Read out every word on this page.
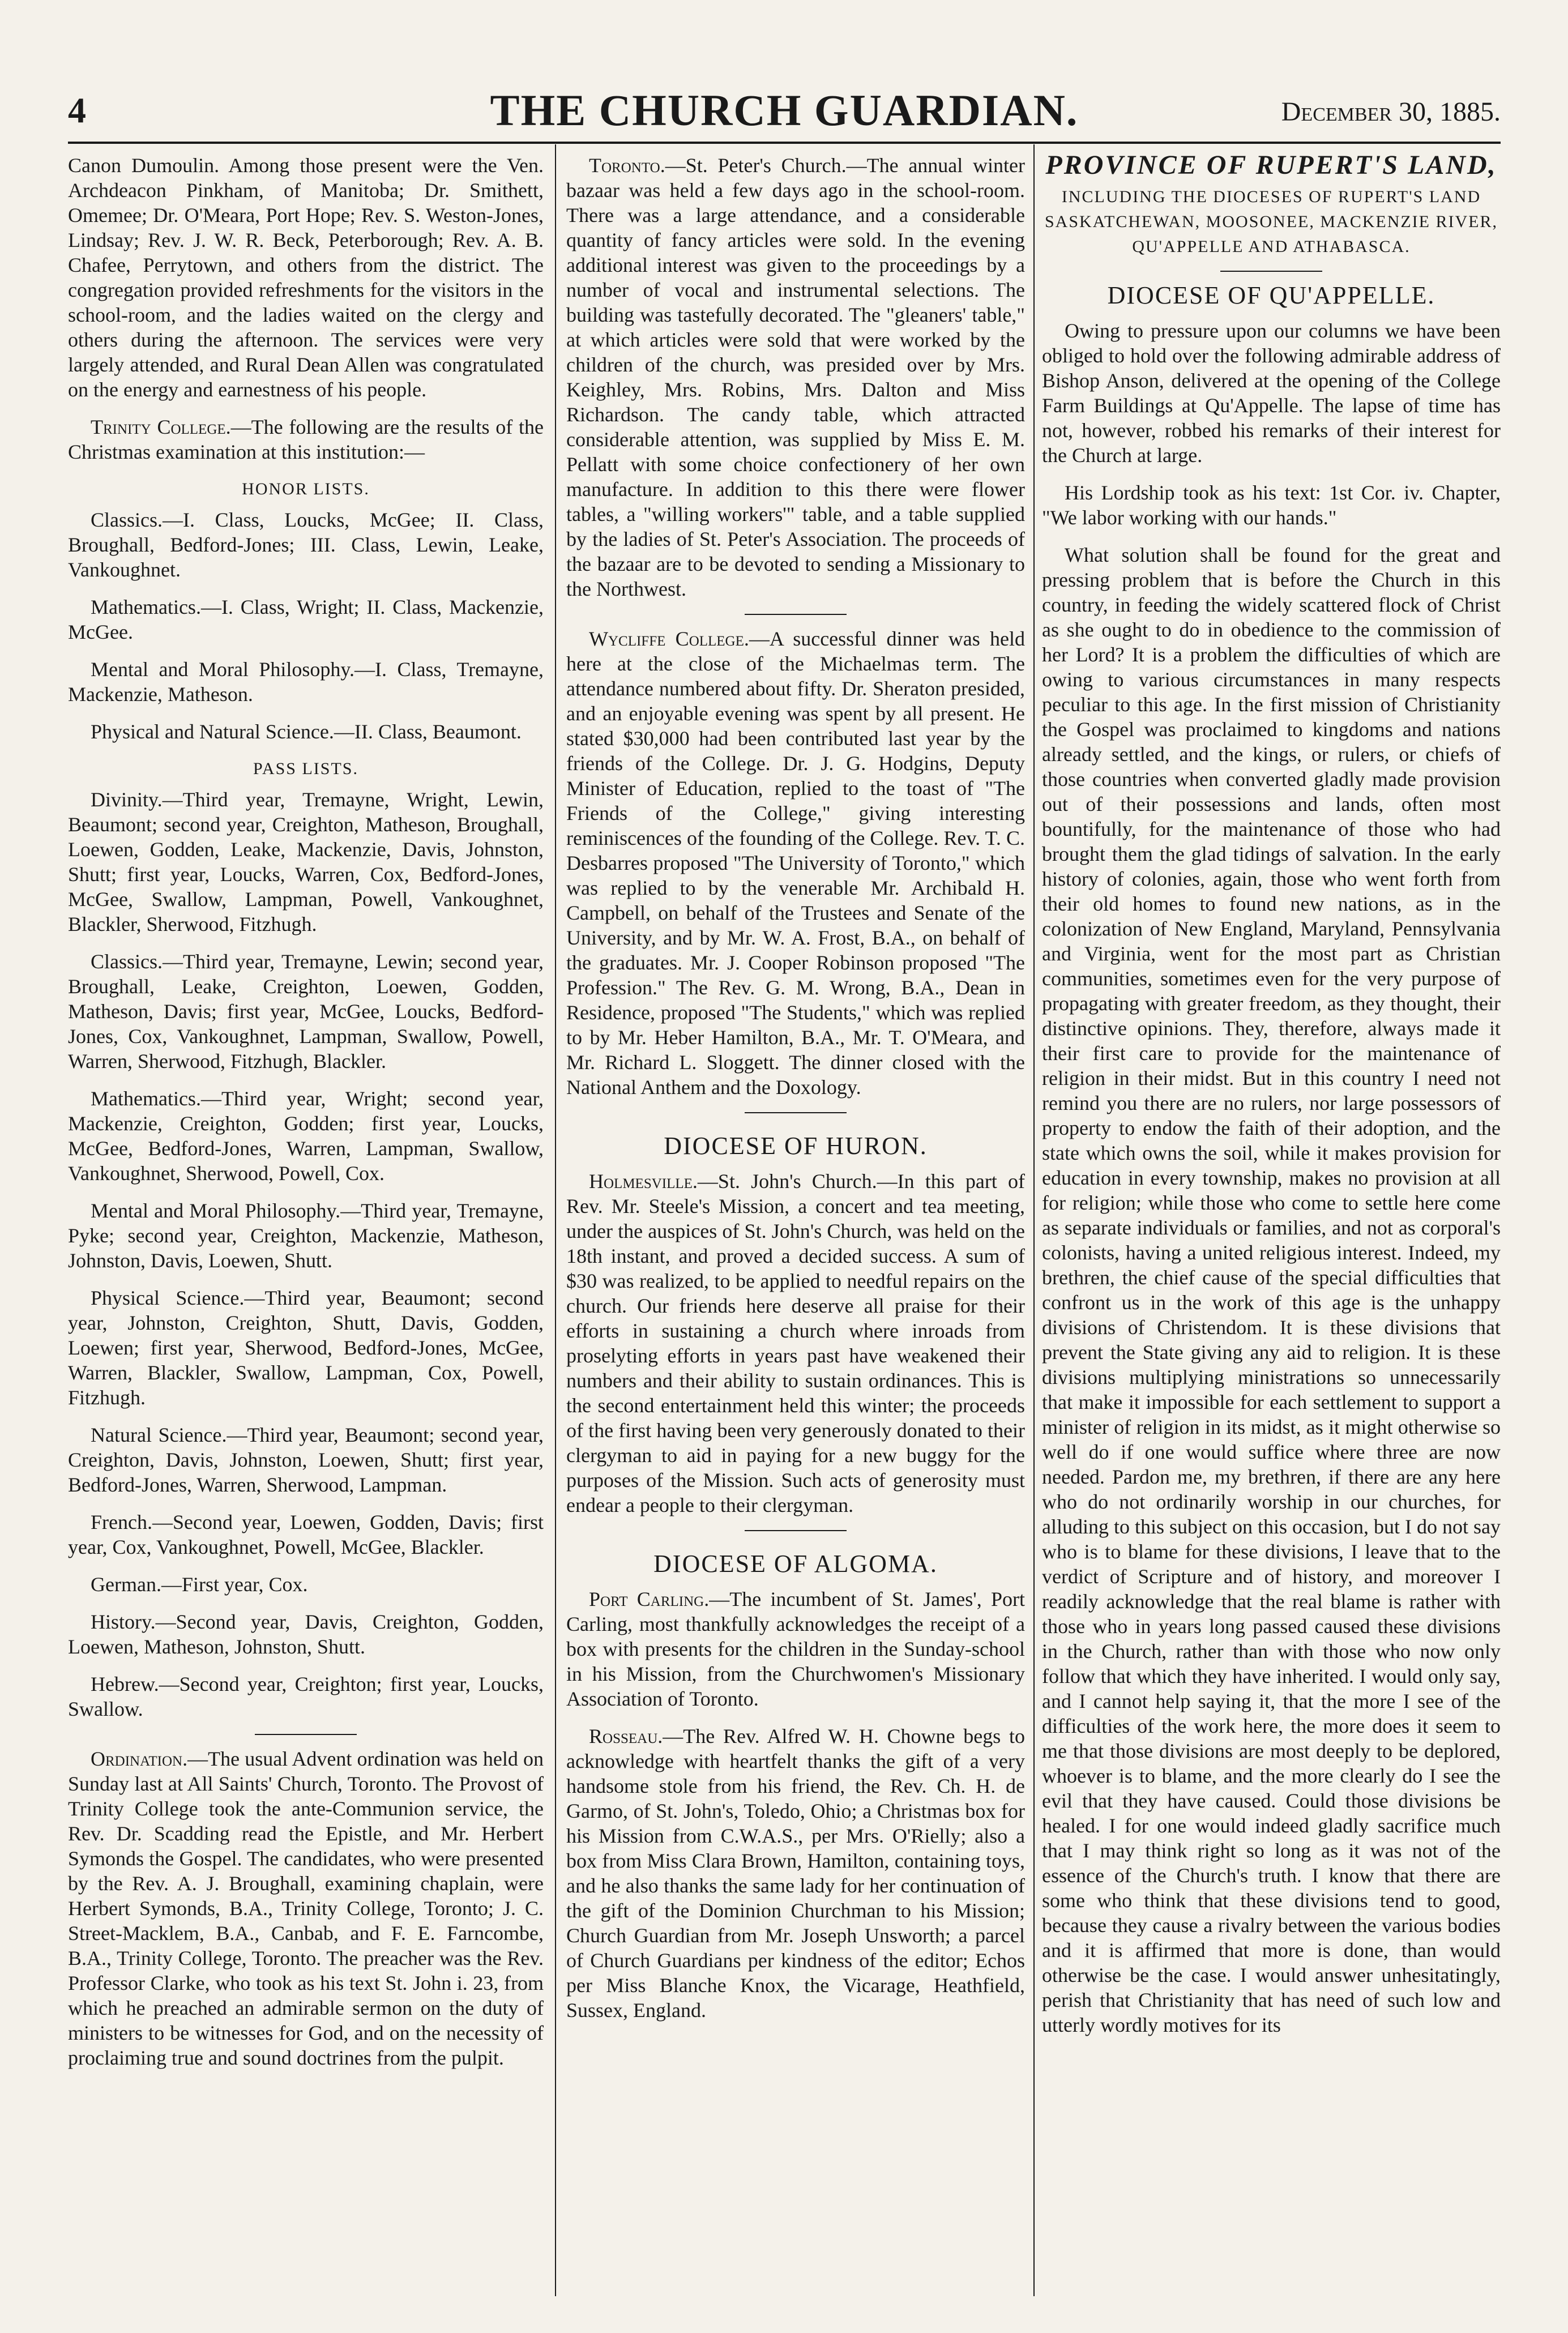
4	THE CHURCH GUARDIAN.	December 30, 1885.

Canon Dumoulin. Among those present were the Ven. Archdeacon Pinkham, of Manitoba; Dr. Smithett, Omemee; Dr. O'Meara, Port Hope; Rev. S. Weston-Jones, Lindsay; Rev. J. W. R. Beck, Peterborough; Rev. A. B. Chafee, Perrytown, and others from the district. The congregation provided refreshments for the visitors in the school-room, and the ladies waited on the clergy and others during the afternoon. The services were very largely attended, and Rural Dean Allen was congratulated on the energy and earnestness of his people.

Trinity College.—The following are the results of the Christmas examination at this institution:—

HONOR LISTS.

Classics.—I. Class, Loucks, McGee; II. Class, Broughall, Bedford-Jones; III. Class, Lewin, Leake, Vankoughnet.

Mathematics.—I. Class, Wright; II. Class, Mackenzie, McGee.

Mental and Moral Philosophy.—I. Class, Tremayne, Mackenzie, Matheson.

Physical and Natural Science.—II. Class, Beaumont.

PASS LISTS.

Divinity.—Third year, Tremayne, Wright, Lewin, Beaumont; second year, Creighton, Matheson, Broughall, Loewen, Godden, Leake, Mackenzie, Davis, Johnston, Shutt; first year, Loucks, Warren, Cox, Bedford-Jones, McGee, Swallow, Lampman, Powell, Vankoughnet, Blackler, Sherwood, Fitzhugh.

Classics.—Third year, Tremayne, Lewin; second year, Broughall, Leake, Creighton, Loewen, Godden, Matheson, Davis; first year, McGee, Loucks, Bedford-Jones, Cox, Vankoughnet, Lampman, Swallow, Powell, Warren, Sherwood, Fitzhugh, Blackler.

Mathematics.—Third year, Wright; second year, Mackenzie, Creighton, Godden; first year, Loucks, McGee, Bedford-Jones, Warren, Lampman, Swallow, Vankoughnet, Sherwood, Powell, Cox.

Mental and Moral Philosophy.—Third year, Tremayne, Pyke; second year, Creighton, Mackenzie, Matheson, Johnston, Davis, Loewen, Shutt.

Physical Science.—Third year, Beaumont; second year, Johnston, Creighton, Shutt, Davis, Godden, Loewen; first year, Sherwood, Bedford-Jones, McGee, Warren, Blackler, Swallow, Lampman, Cox, Powell, Fitzhugh.

Natural Science.—Third year, Beaumont; second year, Creighton, Davis, Johnston, Loewen, Shutt; first year, Bedford-Jones, Warren, Sherwood, Lampman.

French.—Second year, Loewen, Godden, Davis; first year, Cox, Vankoughnet, Powell, McGee, Blackler.

German.—First year, Cox.

History.—Second year, Davis, Creighton, Godden, Loewen, Matheson, Johnston, Shutt.

Hebrew.—Second year, Creighton; first year, Loucks, Swallow.

Ordination.—The usual Advent ordination was held on Sunday last at All Saints' Church, Toronto. The Provost of Trinity College took the ante-Communion service, the Rev. Dr. Scadding read the Epistle, and Mr. Herbert Symonds the Gospel. The candidates, who were presented by the Rev. A. J. Broughall, examining chaplain, were Herbert Symonds, B.A., Trinity College, Toronto; J. C. Street-Macklem, B.A., Canbab, and F. E. Farncombe, B.A., Trinity College, Toronto. The preacher was the Rev. Professor Clarke, who took as his text St. John i. 23, from which he preached an admirable sermon on the duty of ministers to be witnesses for God, and on the necessity of proclaiming true and sound doctrines from the pulpit.

Toronto.—St. Peter's Church.—The annual winter bazaar was held a few days ago in the school-room. There was a large attendance, and a considerable quantity of fancy articles were sold. In the evening additional interest was given to the proceedings by a number of vocal and instrumental selections. The building was tastefully decorated. The "gleaners' table," at which articles were sold that were worked by the children of the church, was presided over by Mrs. Keighley, Mrs. Robins, Mrs. Dalton and Miss Richardson. The candy table, which attracted considerable attention, was supplied by Miss E. M. Pellatt with some choice confectionery of her own manufacture. In addition to this there were flower tables, a "willing workers'" table, and a table supplied by the ladies of St. Peter's Association. The proceeds of the bazaar are to be devoted to sending a Missionary to the Northwest.

Wycliffe College.—A successful dinner was held here at the close of the Michaelmas term. The attendance numbered about fifty. Dr. Sheraton presided, and an enjoyable evening was spent by all present. He stated $30,000 had been contributed last year by the friends of the College. Dr. J. G. Hodgins, Deputy Minister of Education, replied to the toast of "The Friends of the College," giving interesting reminiscences of the founding of the College. Rev. T. C. Desbarres proposed "The University of Toronto," which was replied to by the venerable Mr. Archibald H. Campbell, on behalf of the Trustees and Senate of the University, and by Mr. W. A. Frost, B.A., on behalf of the graduates. Mr. J. Cooper Robinson proposed "The Profession." The Rev. G. M. Wrong, B.A., Dean in Residence, proposed "The Students," which was replied to by Mr. Heber Hamilton, B.A., Mr. T. O'Meara, and Mr. Richard L. Sloggett. The dinner closed with the National Anthem and the Doxology.

DIOCESE OF HURON.

Holmesville.—St. John's Church.—In this part of Rev. Mr. Steele's Mission, a concert and tea meeting, under the auspices of St. John's Church, was held on the 18th instant, and proved a decided success. A sum of $30 was realized, to be applied to needful repairs on the church. Our friends here deserve all praise for their efforts in sustaining a church where inroads from proselyting efforts in years past have weakened their numbers and their ability to sustain ordinances. This is the second entertainment held this winter; the proceeds of the first having been very generously donated to their clergyman to aid in paying for a new buggy for the purposes of the Mission. Such acts of generosity must endear a people to their clergyman.

DIOCESE OF ALGOMA.

Port Carling.—The incumbent of St. James', Port Carling, most thankfully acknowledges the receipt of a box with presents for the children in the Sunday-school in his Mission, from the Churchwomen's Missionary Association of Toronto.

Rosseau.—The Rev. Alfred W. H. Chowne begs to acknowledge with heartfelt thanks the gift of a very handsome stole from his friend, the Rev. Ch. H. de Garmo, of St. John's, Toledo, Ohio; a Christmas box for his Mission from C.W.A.S., per Mrs. O'Rielly; also a box from Miss Clara Brown, Hamilton, containing toys, and he also thanks the same lady for her continuation of the gift of the Dominion Churchman to his Mission; Church Guardian from Mr. Joseph Unsworth; a parcel of Church Guardians per kindness of the editor; Echos per Miss Blanche Knox, the Vicarage, Heathfield, Sussex, England.

PROVINCE OF RUPERT'S LAND,
INCLUDING THE DIOCESES OF RUPERT'S LAND SASKATCHEWAN, MOOSONEE, MACKENZIE RIVER, QU'APPELLE AND ATHABASCA.
DIOCESE OF QU'APPELLE.

Owing to pressure upon our columns we have been obliged to hold over the following admirable address of Bishop Anson, delivered at the opening of the College Farm Buildings at Qu'Appelle. The lapse of time has not, however, robbed his remarks of their interest for the Church at large.

His Lordship took as his text: 1st Cor. iv. Chapter, "We labor working with our hands."

What solution shall be found for the great and pressing problem that is before the Church in this country, in feeding the widely scattered flock of Christ as she ought to do in obedience to the commission of her Lord? It is a problem the difficulties of which are owing to various circumstances in many respects peculiar to this age. In the first mission of Christianity the Gospel was proclaimed to kingdoms and nations already settled, and the kings, or rulers, or chiefs of those countries when converted gladly made provision out of their possessions and lands, often most bountifully, for the maintenance of those who had brought them the glad tidings of salvation. In the early history of colonies, again, those who went forth from their old homes to found new nations, as in the colonization of New England, Maryland, Pennsylvania and Virginia, went for the most part as Christian communities, sometimes even for the very purpose of propagating with greater freedom, as they thought, their distinctive opinions. They, therefore, always made it their first care to provide for the maintenance of religion in their midst. But in this country I need not remind you there are no rulers, nor large possessors of property to endow the faith of their adoption, and the state which owns the soil, while it makes provision for education in every township, makes no provision at all for religion; while those who come to settle here come as separate individuals or families, and not as corporal's colonists, having a united religious interest. Indeed, my brethren, the chief cause of the special difficulties that confront us in the work of this age is the unhappy divisions of Christendom. It is these divisions that prevent the State giving any aid to religion. It is these divisions multiplying ministrations so unnecessarily that make it impossible for each settlement to support a minister of religion in its midst, as it might otherwise so well do if one would suffice where three are now needed. Pardon me, my brethren, if there are any here who do not ordinarily worship in our churches, for alluding to this subject on this occasion, but I do not say who is to blame for these divisions, I leave that to the verdict of Scripture and of history, and moreover I readily acknowledge that the real blame is rather with those who in years long passed caused these divisions in the Church, rather than with those who now only follow that which they have inherited. I would only say, and I cannot help saying it, that the more I see of the difficulties of the work here, the more does it seem to me that those divisions are most deeply to be deplored, whoever is to blame, and the more clearly do I see the evil that they have caused. Could those divisions be healed. I for one would indeed gladly sacrifice much that I may think right so long as it was not of the essence of the Church's truth. I know that there are some who think that these divisions tend to good, because they cause a rivalry between the various bodies and it is affirmed that more is done, than would otherwise be the case. I would answer unhesitatingly, perish that Christianity that has need of such low and utterly wordly motives for its
